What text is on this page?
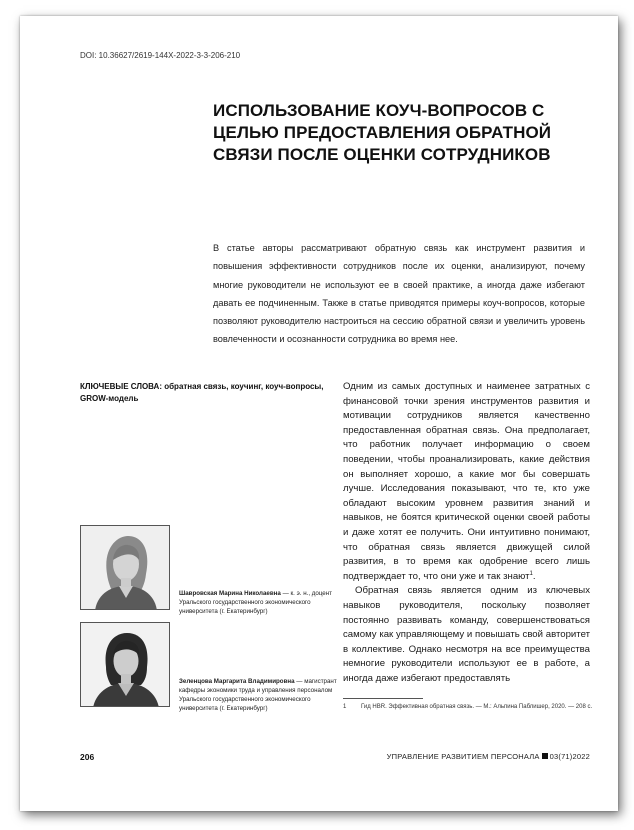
DOI: 10.36627/2619-144X-2022-3-3-206-210
ИСПОЛЬЗОВАНИЕ КОУЧ-ВОПРОСОВ С ЦЕЛЬЮ ПРЕДОСТАВЛЕНИЯ ОБРАТНОЙ СВЯЗИ ПОСЛЕ ОЦЕНКИ СОТРУДНИКОВ

В статье авторы рассматривают обратную связь как инструмент развития и повышения эффективности сотрудников после их оценки, анализируют, почему многие руководители не используют ее в своей практике, а иногда даже избегают давать ее подчиненным. Также в статье приводятся примеры коуч-вопросов, которые позволяют руководителю настроиться на сессию обратной связи и увеличить уровень вовлеченности и осознанности сотрудника во время нее.

КЛЮЧЕВЫЕ СЛОВА: обратная связь, коучинг, коуч-вопросы, GROW-модель
Шавровская Марина Николаевна — к. э. н., доцент Уральского государственного экономического университета (г. Екатеринбург)
Зеленцова Маргарита Владимировна — магистрант кафедры экономики труда и управления персоналом Уральского государственного экономического университета (г. Екатеринбург)

Одним из самых доступных и наименее затратных с финансовой точки зрения инструментов развития и мотивации сотрудников является качественно предоставленная обратная связь. Она предполагает, что работник получает информацию о своем поведении, чтобы проанализировать, какие действия он выполняет хорошо, а какие мог бы совершать лучше. Исследования показывают, что те, кто уже обладают высоким уровнем развития знаний и навыков, не боятся критической оценки своей работы и даже хотят ее получить. Они интуитивно понимают, что обратная связь является движущей силой развития, в то время как одобрение всего лишь подтверждает то, что они уже и так знают$^1$.

Обратная связь является одним из ключевых навыков руководителя, поскольку позволяет постоянно развивать команду, совершенствоваться самому как управляющему и повышать свой авторитет в коллективе. Однако несмотря на все преимущества немногие руководители используют ее в работе, а иногда даже избегают предоставлять

1 Гид HBR. Эффективная обратная связь. — М.: Альпина Паблишер, 2020. — 208 с.
206	УПРАВЛЕНИЕ РАЗВИТИЕМ ПЕРСОНАЛА 03(71)2022
